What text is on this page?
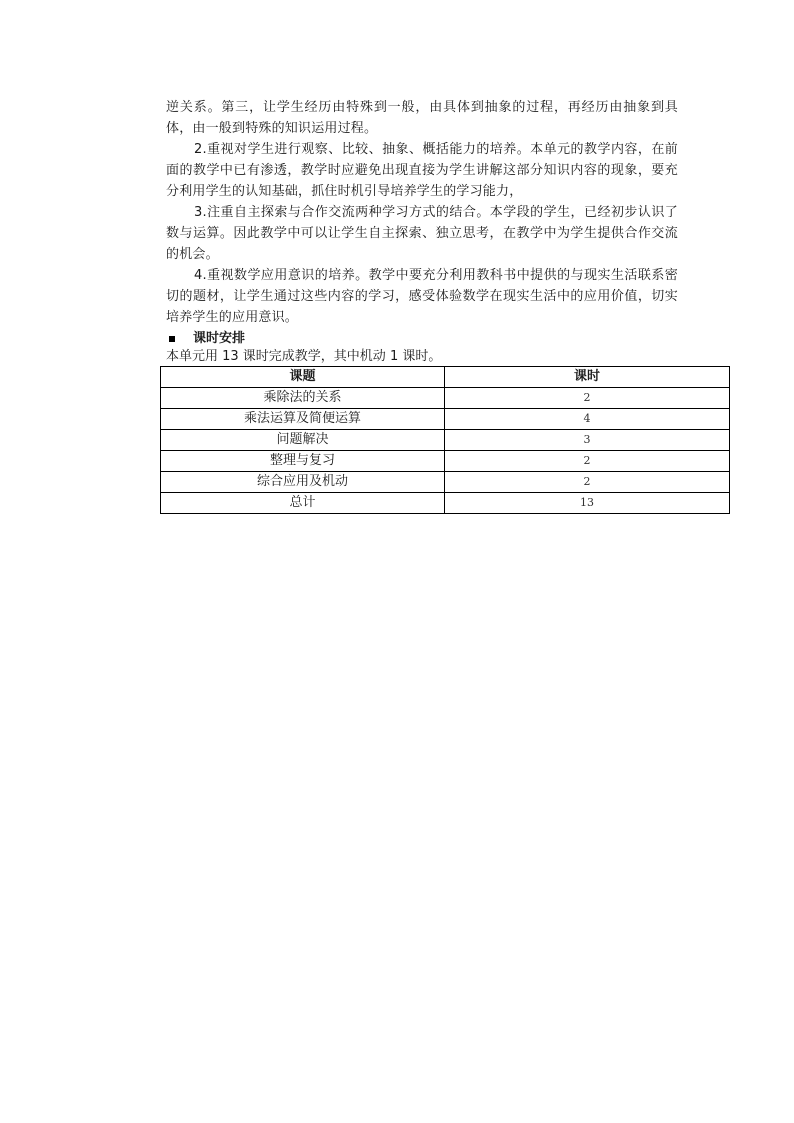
逆关系。第三，让学生经历由特殊到一般，由具体到抽象的过程，再经历由抽象到具体，由一般到特殊的知识运用过程。

2.重视对学生进行观察、比较、抽象、概括能力的培养。本单元的教学内容，在前面的教学中已有渗透，教学时应避免出现直接为学生讲解这部分知识内容的现象，要充分利用学生的认知基础，抓住时机引导培养学生的学习能力，

3.注重自主探索与合作交流两种学习方式的结合。本学段的学生，已经初步认识了数与运算。因此教学中可以让学生自主探索、独立思考，在教学中为学生提供合作交流的机会。

4.重视数学应用意识的培养。教学中要充分利用教科书中提供的与现实生活联系密切的题材，让学生通过这些内容的学习，感受体验数学在现实生活中的应用价值，切实培养学生的应用意识。

课时安排

本单元用 13 课时完成教学，其中机动 1 课时。

课题	课时
乘除法的关系	2
乘法运算及简便运算	4
问题解决	3
整理与复习	2
综合应用及机动	2
总计	13
